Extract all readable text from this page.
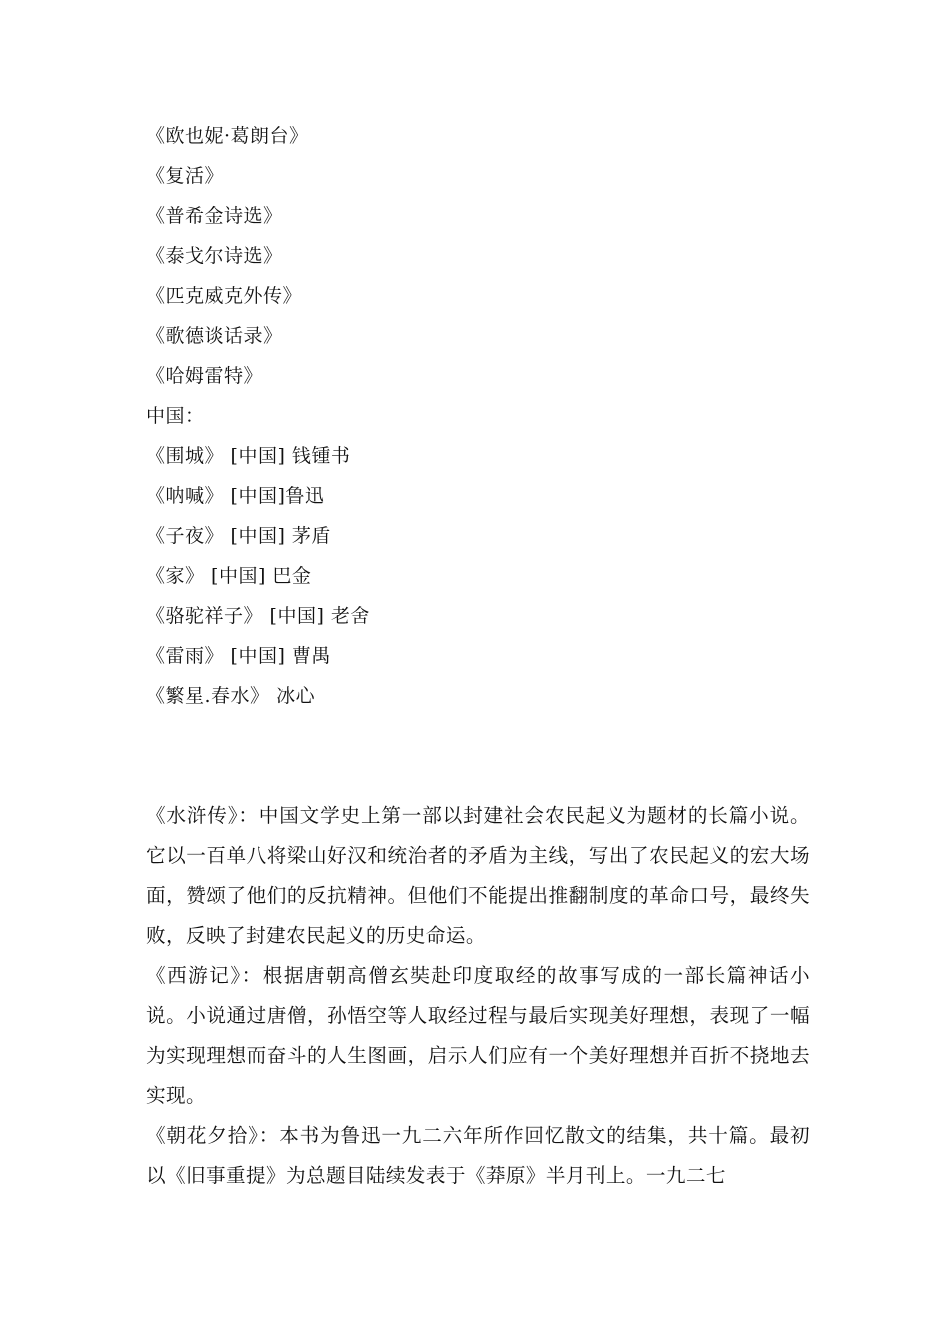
《欧也妮·葛朗台》
《复活》
《普希金诗选》
《泰戈尔诗选》
《匹克威克外传》
《歌德谈话录》
《哈姆雷特》
中国：
《围城》 [中国] 钱锺书
《呐喊》 [中国]鲁迅
《子夜》 [中国] 茅盾
《家》 [中国] 巴金
《骆驼祥子》 [中国] 老舍
《雷雨》 [中国] 曹禺
《繁星.春水》 冰心

《水浒传》：中国文学史上第一部以封建社会农民起义为题材的长篇小说。它以一百单八将梁山好汉和统治者的矛盾为主线，写出了农民起义的宏大场面，赞颂了他们的反抗精神。但他们不能提出推翻制度的革命口号，最终失败，反映了封建农民起义的历史命运。

《西游记》：根据唐朝高僧玄奘赴印度取经的故事写成的一部长篇神话小说。小说通过唐僧，孙悟空等人取经过程与最后实现美好理想，表现了一幅为实现理想而奋斗的人生图画，启示人们应有一个美好理想并百折不挠地去实现。

《朝花夕拾》：本书为鲁迅一九二六年所作回忆散文的结集，共十篇。最初以《旧事重提》为总题目陆续发表于《莽原》半月刊上。一九二七
